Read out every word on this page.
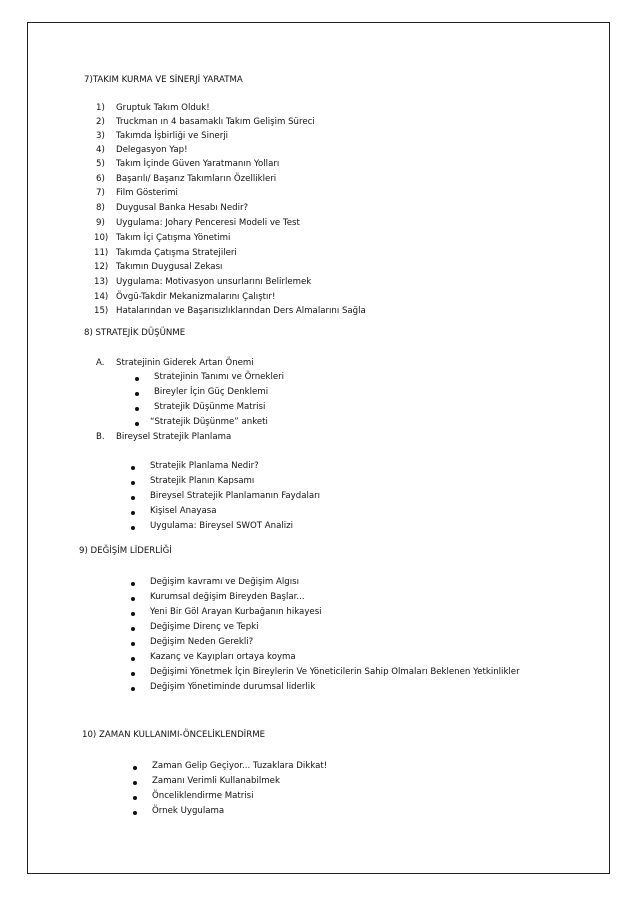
7)TAKIM KURMA VE SİNERJİ YARATMA
1) Gruptuk Takım Olduk!
2) Truckman ın 4 basamaklı Takım Gelişim Süreci
3) Takımda İşbirliği ve Sinerji
4) Delegasyon Yap!
5) Takım İçinde Güven Yaratmanın Yolları
6) Başarılı/ Başarız Takımların Özellikleri
7) Film Gösterimi
8) Duygusal Banka Hesabı Nedir?
9) Uygulama: Johary Penceresi Modeli ve Test
10) Takım İçi Çatışma Yönetimi
11) Takımda Çatışma Stratejileri
12) Takımın Duygusal Zekası
13) Uygulama: Motivasyon unsurlarını Belirlemek
14) Övgü-Takdir Mekanizmalarını Çalıştır!
15) Hatalarından ve Başarısızlıklarından Ders Almalarını Sağla
8) STRATEJİK DÜŞÜNME
A. Stratejinin Giderek Artan Önemi
Stratejinin Tanımı ve Örnekleri
Bireyler İçin Güç Denklemi
Stratejik Düşünme Matrisi
“Stratejik Düşünme” anketi
B. Bireysel Stratejik Planlama
Stratejik Planlama Nedir?
Stratejik Planın Kapsamı
Bireysel Stratejik Planlamanın Faydaları
Kişisel Anayasa
Uygulama: Bireysel SWOT Analizi
9) DEĞİŞİM LİDERLİĞİ
Değişim kavramı ve Değişim Algısı
Kurumsal değişim Bireyden Başlar...
Yeni Bir Göl Arayan Kurbağanın hikayesi
Değişime Direnç ve Tepki
Değişim Neden Gerekli?
Kazanç ve Kayıpları ortaya koyma
Değişimi Yönetmek İçin Bireylerin Ve Yöneticilerin Sahip Olmaları Beklenen Yetkinlikler
Değişim Yönetiminde durumsal liderlik
10) ZAMAN KULLANIMI-ÖNCELİKLENDİRME
Zaman Gelip Geçiyor... Tuzaklara Dikkat!
Zamanı Verimli Kullanabilmek
Önceliklendirme Matrisi
Örnek Uygulama
